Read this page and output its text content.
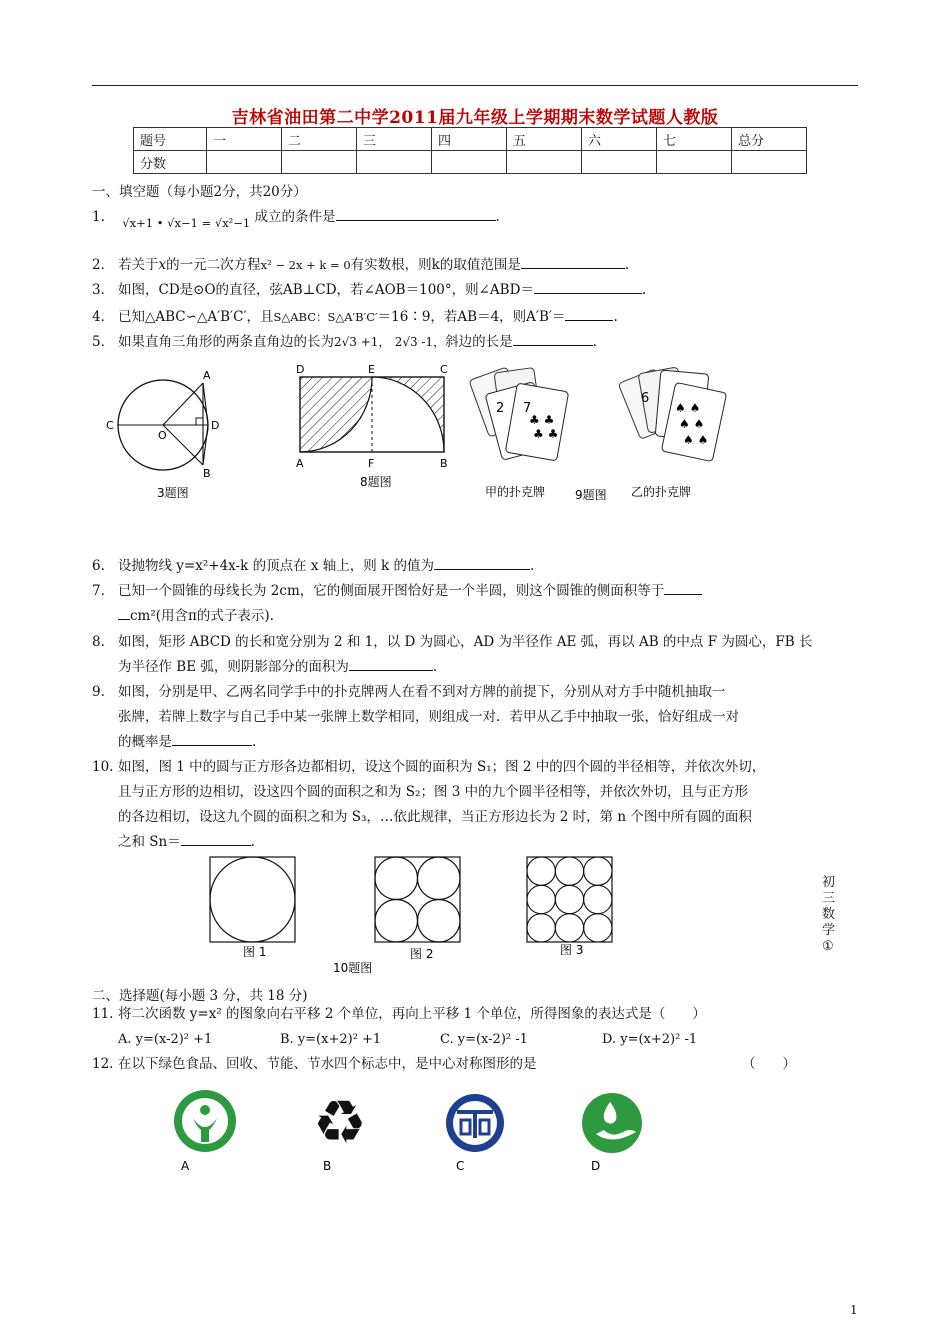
吉林省油田第二中学2011届九年级上学期期末数学试题人教版
题号	一	二	三	四	五	六	七	总分
分数								
一、填空题（每小题2分，共20分）
1. √x+1 • √x−1 = √x²−1 成立的条件是	.
2． 若关于x的一元二次方程x² − 2x + k = 0有实数根，则k的取值范围是	.
3． 如图，CD是⊙O的直径，弦AB⊥CD，若∠AOB＝100°，则∠ABD＝	.
4． 已知△ABC∽△A′B′C′，且S△ABC：S△A′B′C′＝16∶9，若AB＝4，则A′B′＝	.
5． 如果直角三角形的两条直角边的长为2√3 +1， 2√3 -1，斜边的长是	.
A
B
C	D
O
3题图
D	E	C
A	F	B
8题图
7
♣ ♣
♣ ♣
2
6
♠ ♠
♠ ♠
♠ ♠
甲的扑克牌 9题图 乙的扑克牌
6. 设抛物线 y=x²+4x-k 的顶点在 x 轴上，则 k 的值为	.
7. 已知一个圆锥的母线长为 2cm，它的侧面展开图恰好是一个半圆，则这个圆锥的侧面积等于
cm²(用含π的式子表示).
8. 如图，矩形 ABCD 的长和宽分别为 2 和 1，以 D 为圆心，AD 为半径作 AE 弧，再以 AB 的中点 F 为圆心，FB 长
为半径作 BE 弧，则阴影部分的面积为	.
9. 如图，分别是甲、乙两名同学手中的扑克牌两人在看不到对方牌的前提下，分别从对方手中随机抽取一
张牌，若牌上数字与自己手中某一张牌上数学相同，则组成一对．若甲从乙手中抽取一张，恰好组成一对
的概率是	.
10. 如图，图 1 中的圆与正方形各边都相切，设这个圆的面积为 S₁；图 2 中的四个圆的半径相等，并依次外切，
且与正方形的边相切，设这四个圆的面积之和为 S₂；图 3 中的九个圆半径相等，并依次外切，且与正方形
的各边相切，设这九个圆的面积之和为 S₃，…依此规律，当正方形边长为 2 时，第 n 个图中所有圆的面积
之和 Sn＝	.
图 1	图 2	图 3
10题图
初
三
数
学
①
二、选择题(每小题 3 分，共 18 分)
11. 将二次函数 y=x² 的图象向右平移 2 个单位，再向上平移 1 个单位，所得图象的表达式是（　　）
A. y=(x-2)² +1	B. y=(x+2)² +1	C. y=(x-2)² -1	D. y=(x+2)² -1
12. 在以下绿色食品、回收、节能、节水四个标志中，是中心对称图形的是	（　　）
A
♻
B	C	D
1
